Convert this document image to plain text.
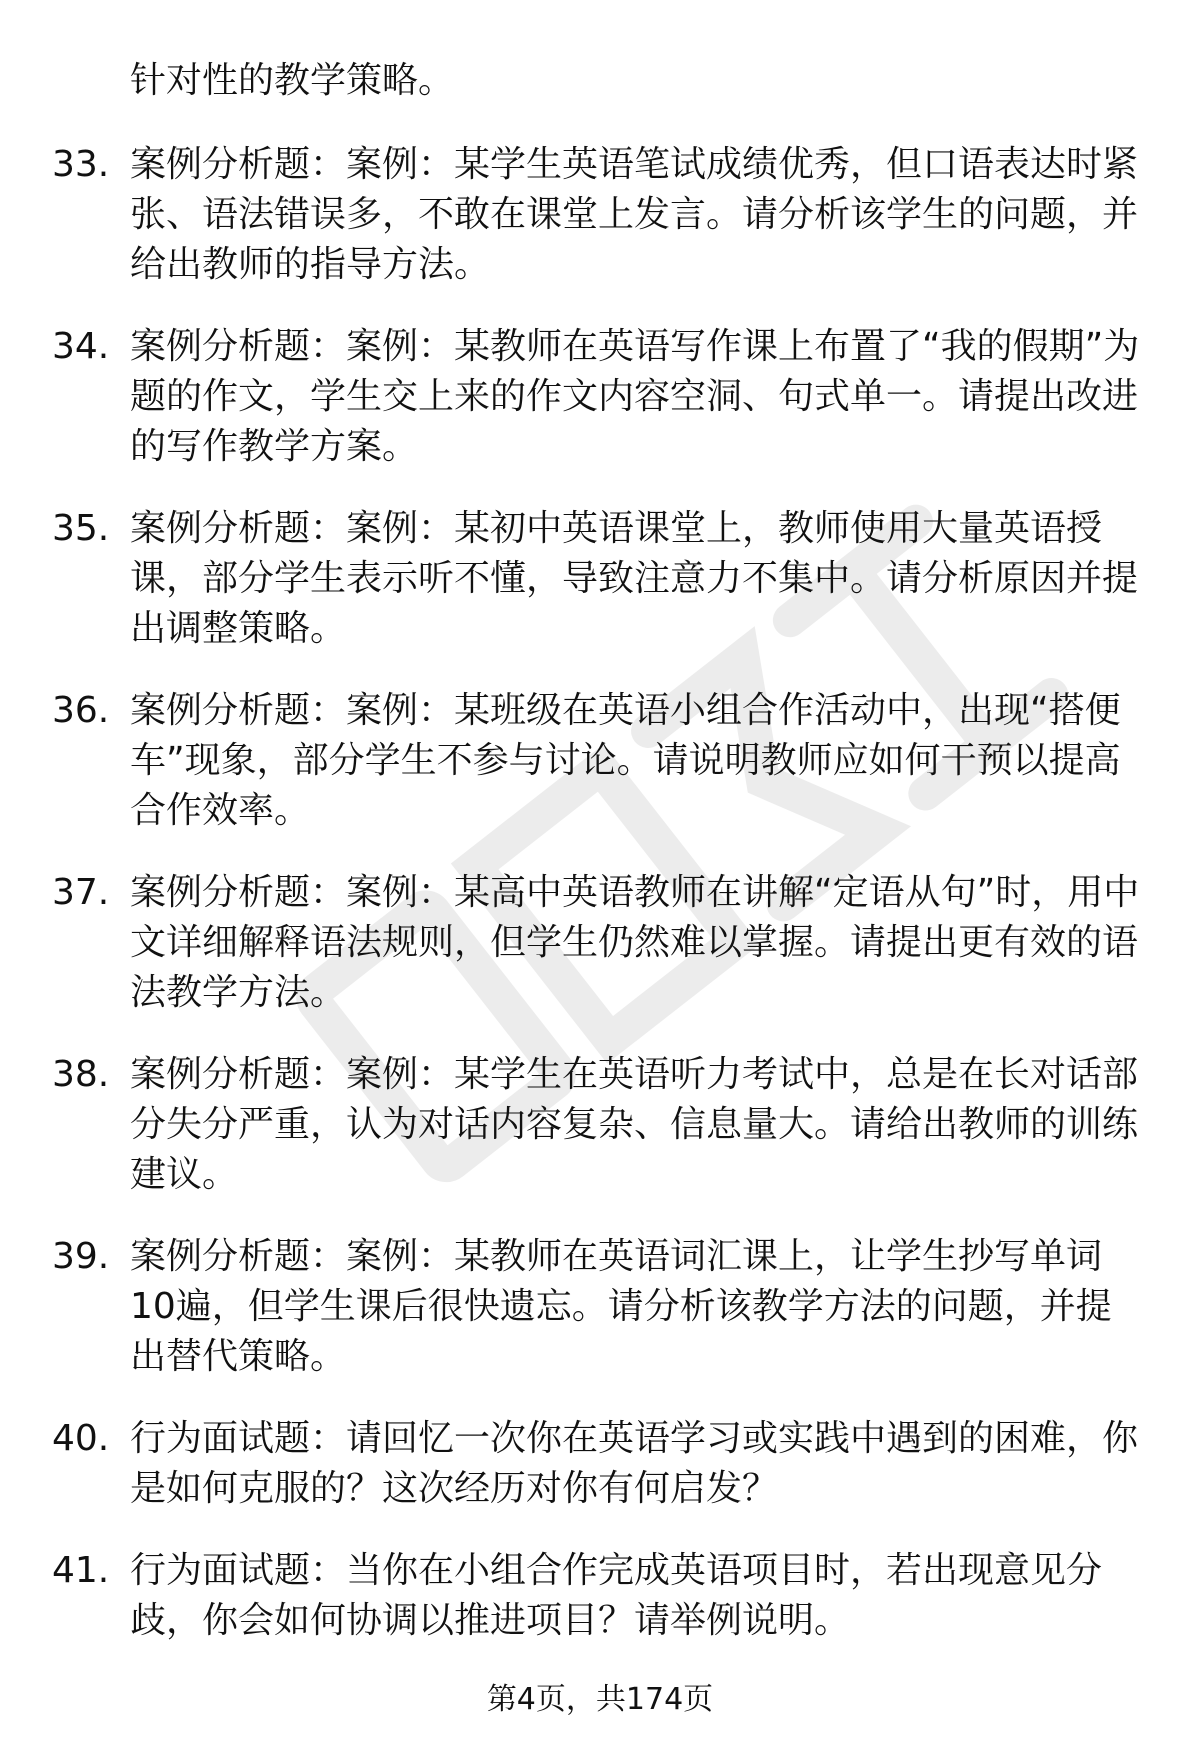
针对性的教学策略。

33. 案例分析题：案例：某学生英语笔试成绩优秀，但口语表达时紧张、语法错误多，不敢在课堂上发言。请分析该学生的问题，并给出教师的指导方法。

34. 案例分析题：案例：某教师在英语写作课上布置了“我的假期”为题的作文，学生交上来的作文内容空洞、句式单一。请提出改进的写作教学方案。

35. 案例分析题：案例：某初中英语课堂上，教师使用大量英语授课，部分学生表示听不懂，导致注意力不集中。请分析原因并提出调整策略。

36. 案例分析题：案例：某班级在英语小组合作活动中，出现“搭便车”现象，部分学生不参与讨论。请说明教师应如何干预以提高合作效率。

37. 案例分析题：案例：某高中英语教师在讲解“定语从句”时，用中文详细解释语法规则，但学生仍然难以掌握。请提出更有效的语法教学方法。

38. 案例分析题：案例：某学生在英语听力考试中，总是在长对话部分失分严重，认为对话内容复杂、信息量大。请给出教师的训练建议。

39. 案例分析题：案例：某教师在英语词汇课上，让学生抄写单词10遍，但学生课后很快遗忘。请分析该教学方法的问题，并提出替代策略。

40. 行为面试题：请回忆一次你在英语学习或实践中遇到的困难，你是如何克服的？这次经历对你有何启发？

41. 行为面试题：当你在小组合作完成英语项目时，若出现意见分歧，你会如何协调以推进项目？请举例说明。

第4页，共174页
